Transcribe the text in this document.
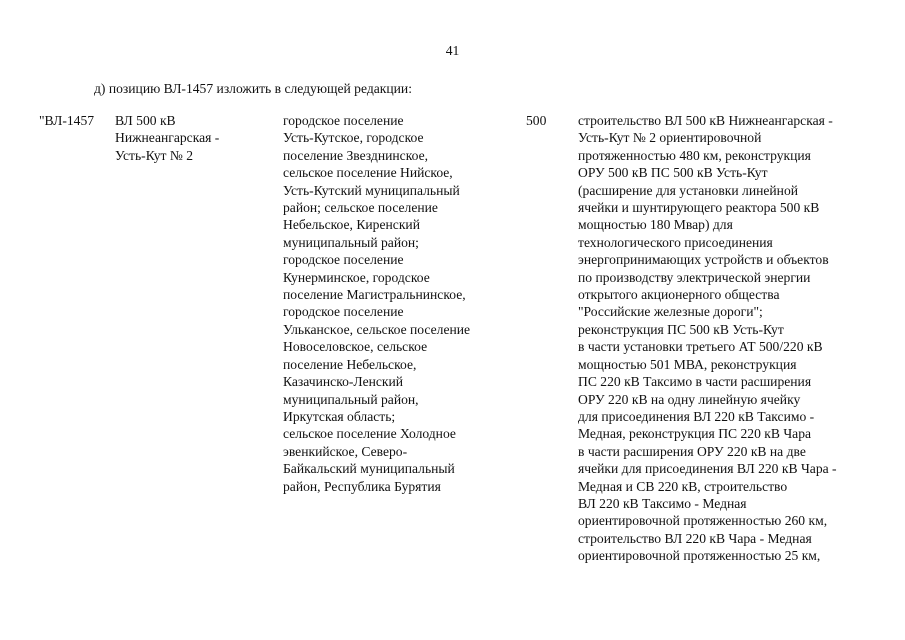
41
д) позицию ВЛ-1457 изложить в следующей редакции:
"ВЛ-1457 ВЛ 500 кВ
Нижнеангарская -
Усть-Кут № 2
городское поселение
Усть-Кутское, городское
поселение Звезднинское,
сельское поселение Нийское,
Усть-Кутский муниципальный
район; сельское поселение
Небельское, Киренский
муниципальный район;
городское поселение
Кунерминское, городское
поселение Магистральнинское,
городское поселение
Улькансκое, сельское поселение
Новоселовское, сельское
поселение Небельское,
Казачинско-Ленский
муниципальный район,
Иркутская область;
сельское поселение Холодное
эвенкийское, Северо-
Байкальский муниципальный
район, Республика Бурятия
500 строительство ВЛ 500 кВ Нижнеангарская -
Усть-Кут № 2 ориентировочной
протяженностью 480 км, реконструкция
ОРУ 500 кВ ПС 500 кВ Усть-Кут
(расширение для установки линейной
ячейки и шунтирующего реактора 500 кВ
мощностью 180 Мвар) для
технологического присоединения
энергопринимающих устройств и объектов
по производству электрической энергии
открытого акционерного общества
"Российские железные дороги";
реконструкция ПС 500 кВ Усть-Кут
в части установки третьего АТ 500/220 кВ
мощностью 501 МВА, реконструкция
ПС 220 кВ Таксимо в части расширения
ОРУ 220 кВ на одну линейную ячейку
для присоединения ВЛ 220 кВ Таксимо -
Медная, реконструкция ПС 220 кВ Чара
в части расширения ОРУ 220 кВ на две
ячейки для присоединения ВЛ 220 кВ Чара -
Медная и СВ 220 кВ, строительство
ВЛ 220 кВ Таксимо - Медная
ориентировочной протяженностью 260 км,
строительство ВЛ 220 кВ Чара - Медная
ориентировочной протяженностью 25 км,
